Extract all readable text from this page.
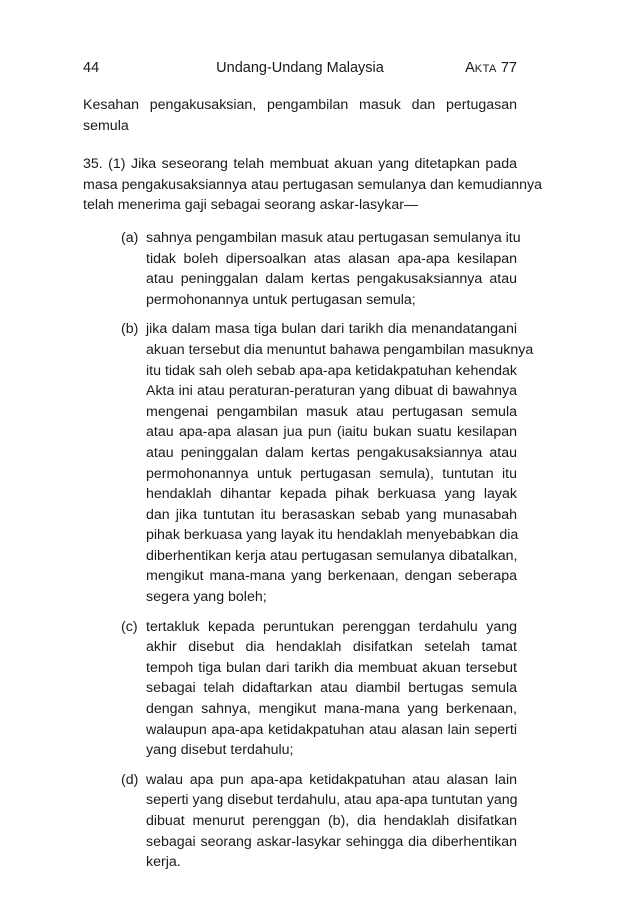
44	Undang-Undang Malaysia	AKTA 77
Kesahan pengakusaksian, pengambilan masuk dan pertugasan
semula
35. (1) Jika seseorang telah membuat akuan yang ditetapkan pada
masa pengakusaksiannya atau pertugasan semulanya dan kemudiannya
telah menerima gaji sebagai seorang askar-lasykar—
(a) sahnya pengambilan masuk atau pertugasan semulanya itu
tidak boleh dipersoalkan atas alasan apa-apa kesilapan
atau peninggalan dalam kertas pengakusaksiannya atau
permohonannya untuk pertugasan semula;
(b) jika dalam masa tiga bulan dari tarikh dia menandatangani
akuan tersebut dia menuntut bahawa pengambilan masuknya
itu tidak sah oleh sebab apa-apa ketidakpatuhan kehendak
Akta ini atau peraturan-peraturan yang dibuat di bawahnya
mengenai pengambilan masuk atau pertugasan semula
atau apa-apa alasan jua pun (iaitu bukan suatu kesilapan
atau peninggalan dalam kertas pengakusaksiannya atau
permohonannya untuk pertugasan semula), tuntutan itu
hendaklah dihantar kepada pihak berkuasa yang layak
dan jika tuntutan itu berasaskan sebab yang munasabah
pihak berkuasa yang layak itu hendaklah menyebabkan dia
diberhentikan kerja atau pertugasan semulanya dibatalkan,
mengikut mana-mana yang berkenaan, dengan seberapa
segera yang boleh;
(c) tertakluk kepada peruntukan perenggan terdahulu yang
akhir disebut dia hendaklah disifatkan setelah tamat
tempoh tiga bulan dari tarikh dia membuat akuan tersebut
sebagai telah didaftarkan atau diambil bertugas semula
dengan sahnya, mengikut mana-mana yang berkenaan,
walaupun apa-apa ketidakpatuhan atau alasan lain seperti
yang disebut terdahulu;
(d) walau apa pun apa-apa ketidakpatuhan atau alasan lain
seperti yang disebut terdahulu, atau apa-apa tuntutan yang
dibuat menurut perenggan (b), dia hendaklah disifatkan
sebagai seorang askar-lasykar sehingga dia diberhentikan
kerja.
